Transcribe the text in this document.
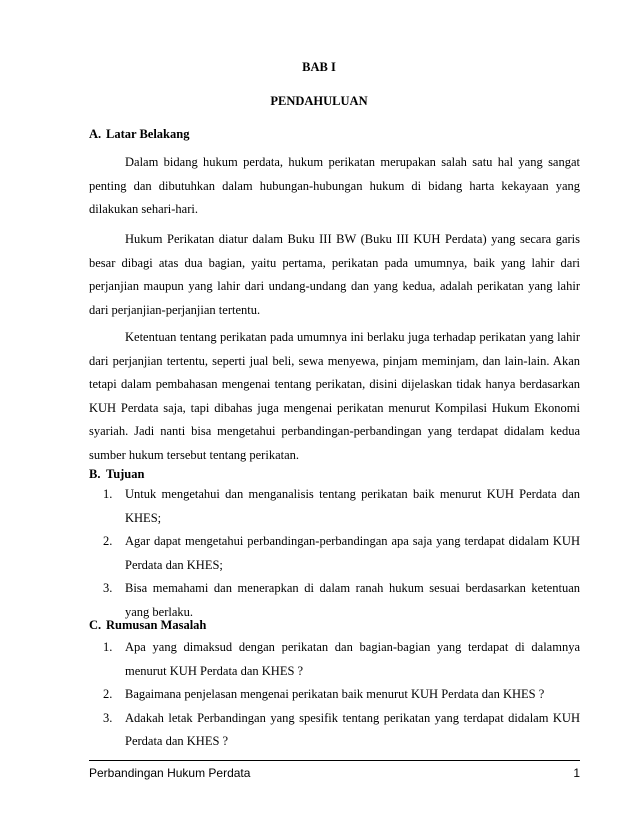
BAB I
PENDAHULUAN
A. Latar Belakang

Dalam bidang hukum perdata, hukum perikatan merupakan salah satu hal yang sangat penting dan dibutuhkan dalam hubungan-hubungan hukum di bidang harta kekayaan yang dilakukan sehari-hari.

Hukum Perikatan diatur dalam Buku III BW (Buku III KUH Perdata) yang secara garis besar dibagi atas dua bagian, yaitu pertama, perikatan pada umumnya, baik yang lahir dari perjanjian maupun yang lahir dari undang-undang dan yang kedua, adalah perikatan yang lahir dari perjanjian-perjanjian tertentu.

Ketentuan tentang perikatan pada umumnya ini berlaku juga terhadap perikatan yang lahir dari perjanjian tertentu, seperti jual beli, sewa menyewa, pinjam meminjam, dan lain-lain. Akan tetapi dalam pembahasan mengenai tentang perikatan, disini dijelaskan tidak hanya berdasarkan KUH Perdata saja, tapi dibahas juga mengenai perikatan menurut Kompilasi Hukum Ekonomi syariah. Jadi nanti bisa mengetahui perbandingan-perbandingan yang terdapat didalam kedua sumber hukum tersebut tentang perikatan.

B. Tujuan
1. Untuk mengetahui dan menganalisis tentang perikatan baik menurut KUH Perdata dan KHES;
2. Agar dapat mengetahui perbandingan-perbandingan apa saja yang terdapat didalam KUH Perdata dan KHES;
3. Bisa memahami dan menerapkan di dalam ranah hukum sesuai berdasarkan ketentuan yang berlaku.
C. Rumusan Masalah
1. Apa yang dimaksud dengan perikatan dan bagian-bagian yang terdapat di dalamnya menurut KUH Perdata dan KHES ?
2. Bagaimana penjelasan mengenai perikatan baik menurut KUH Perdata dan KHES ?
3. Adakah letak Perbandingan yang spesifik tentang perikatan yang terdapat didalam KUH Perdata dan KHES ?
Perbandingan Hukum Perdata	1
